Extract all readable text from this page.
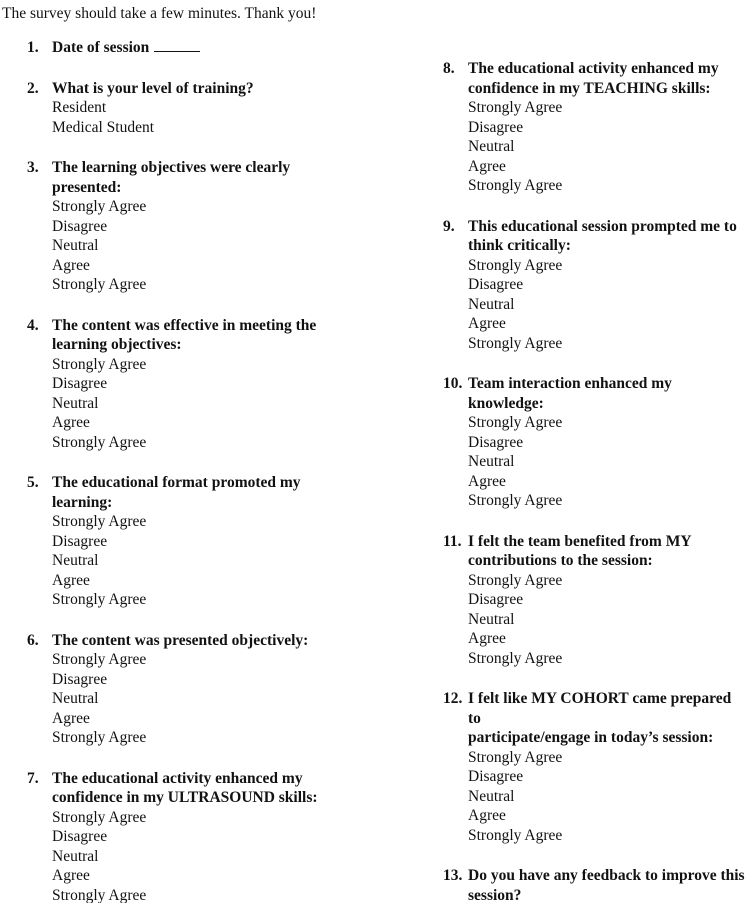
The survey should take a few minutes. Thank you!
1. Date of session
2. What is your level of training?
Resident
Medical Student
3. The learning objectives were clearly
presented:
Strongly Agree
Disagree
Neutral
Agree
Strongly Agree
4. The content was effective in meeting the
learning objectives:
Strongly Agree
Disagree
Neutral
Agree
Strongly Agree
5. The educational format promoted my
learning:
Strongly Agree
Disagree
Neutral
Agree
Strongly Agree
6. The content was presented objectively:
Strongly Agree
Disagree
Neutral
Agree
Strongly Agree
7. The educational activity enhanced my
confidence in my ULTRASOUND skills:
Strongly Agree
Disagree
Neutral
Agree
Strongly Agree
8. The educational activity enhanced my
confidence in my TEACHING skills:
Strongly Agree
Disagree
Neutral
Agree
Strongly Agree
9. This educational session prompted me to
think critically:
Strongly Agree
Disagree
Neutral
Agree
Strongly Agree
10. Team interaction enhanced my
knowledge:
Strongly Agree
Disagree
Neutral
Agree
Strongly Agree
11. I felt the team benefited from MY
contributions to the session:
Strongly Agree
Disagree
Neutral
Agree
Strongly Agree
12. I felt like MY COHORT came prepared to
participate/engage in today’s session:
Strongly Agree
Disagree
Neutral
Agree
Strongly Agree
13. Do you have any feedback to improve this
session?
